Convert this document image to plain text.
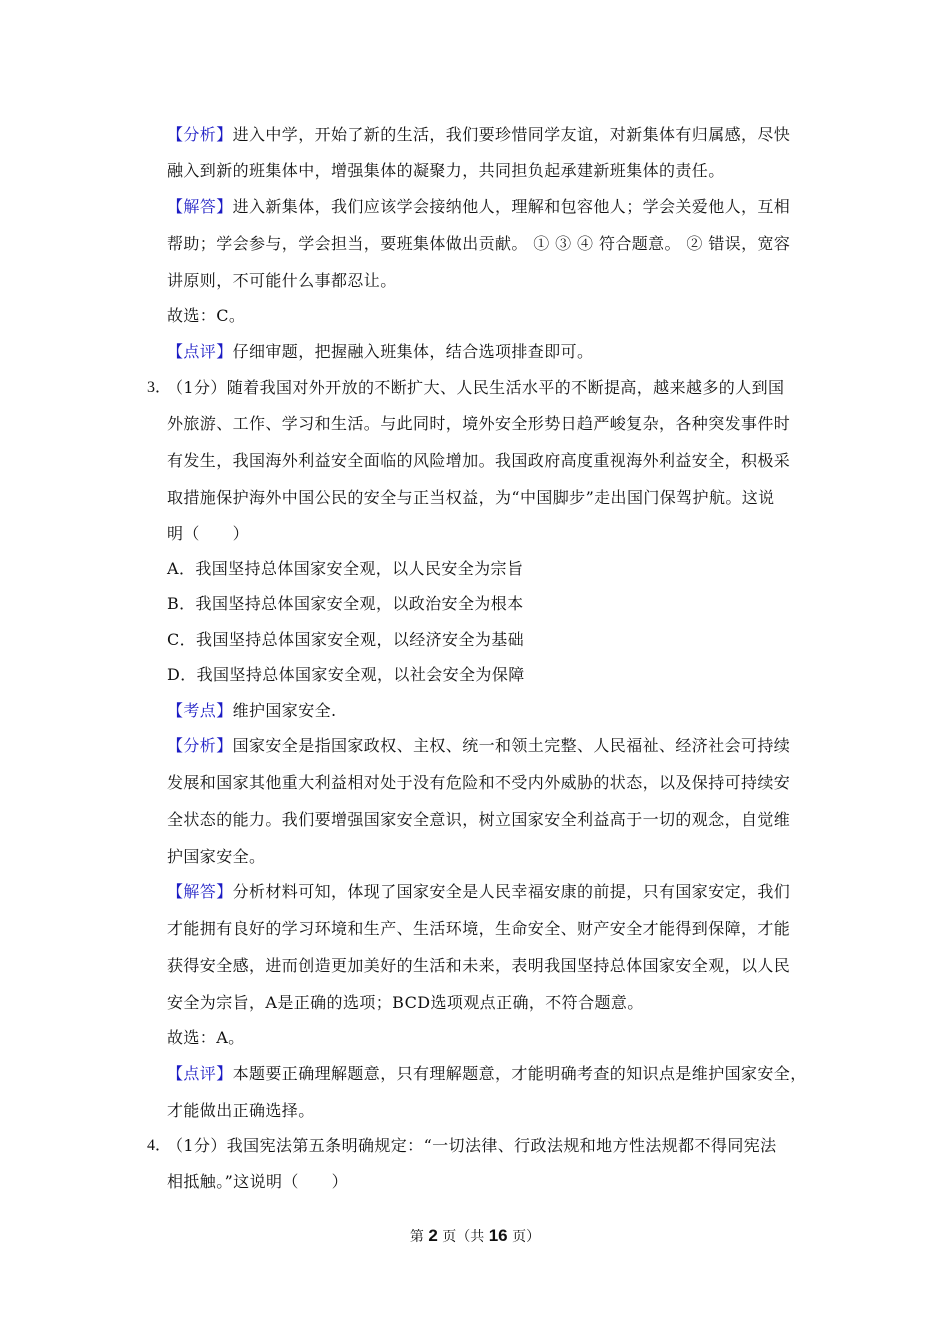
【分析】进入中学，开始了新的生活，我们要珍惜同学友谊，对新集体有归属感，尽快
融入到新的班集体中，增强集体的凝聚力，共同担负起承建新班集体的责任。
【解答】进入新集体，我们应该学会接纳他人，理解和包容他人；学会关爱他人，互相
帮助；学会参与，学会担当，要班集体做出贡献。 ① ③ ④ 符合题意。 ② 错误，宽容
讲原则，不可能什么事都忍让。
故选：C。
【点评】仔细审题，把握融入班集体，结合选项排查即可。
3．
（1分）随着我国对外开放的不断扩大、人民生活水平的不断提高，越来越多的人到国
外旅游、工作、学习和生活。与此同时，境外安全形势日趋严峻复杂，各种突发事件时
有发生，我国海外利益安全面临的风险增加。我国政府高度重视海外利益安全，积极采
取措施保护海外中国公民的安全与正当权益，为“中国脚步”走出国门保驾护航。这说
明（　　）
A．我国坚持总体国家安全观，以人民安全为宗旨
B．我国坚持总体国家安全观，以政治安全为根本
C．我国坚持总体国家安全观，以经济安全为基础
D．我国坚持总体国家安全观，以社会安全为保障
【考点】维护国家安全.
【分析】国家安全是指国家政权、主权、统一和领土完整、人民福祉、经济社会可持续
发展和国家其他重大利益相对处于没有危险和不受内外威胁的状态，以及保持可持续安
全状态的能力。我们要增强国家安全意识，树立国家安全利益高于一切的观念，自觉维
护国家安全。
【解答】分析材料可知，体现了国家安全是人民幸福安康的前提，只有国家安定，我们
才能拥有良好的学习环境和生产、生活环境，生命安全、财产安全才能得到保障，才能
获得安全感，进而创造更加美好的生活和未来，表明我国坚持总体国家安全观，以人民
安全为宗旨，A是正确的选项；BCD选项观点正确，不符合题意。
故选：A。
【点评】本题要正确理解题意，只有理解题意，才能明确考查的知识点是维护国家安全，
才能做出正确选择。
4．
（1分）我国宪法第五条明确规定：“一切法律、行政法规和地方性法规都不得同宪法
相抵触。”这说明（　　）
第 2 页（共 16 页）
